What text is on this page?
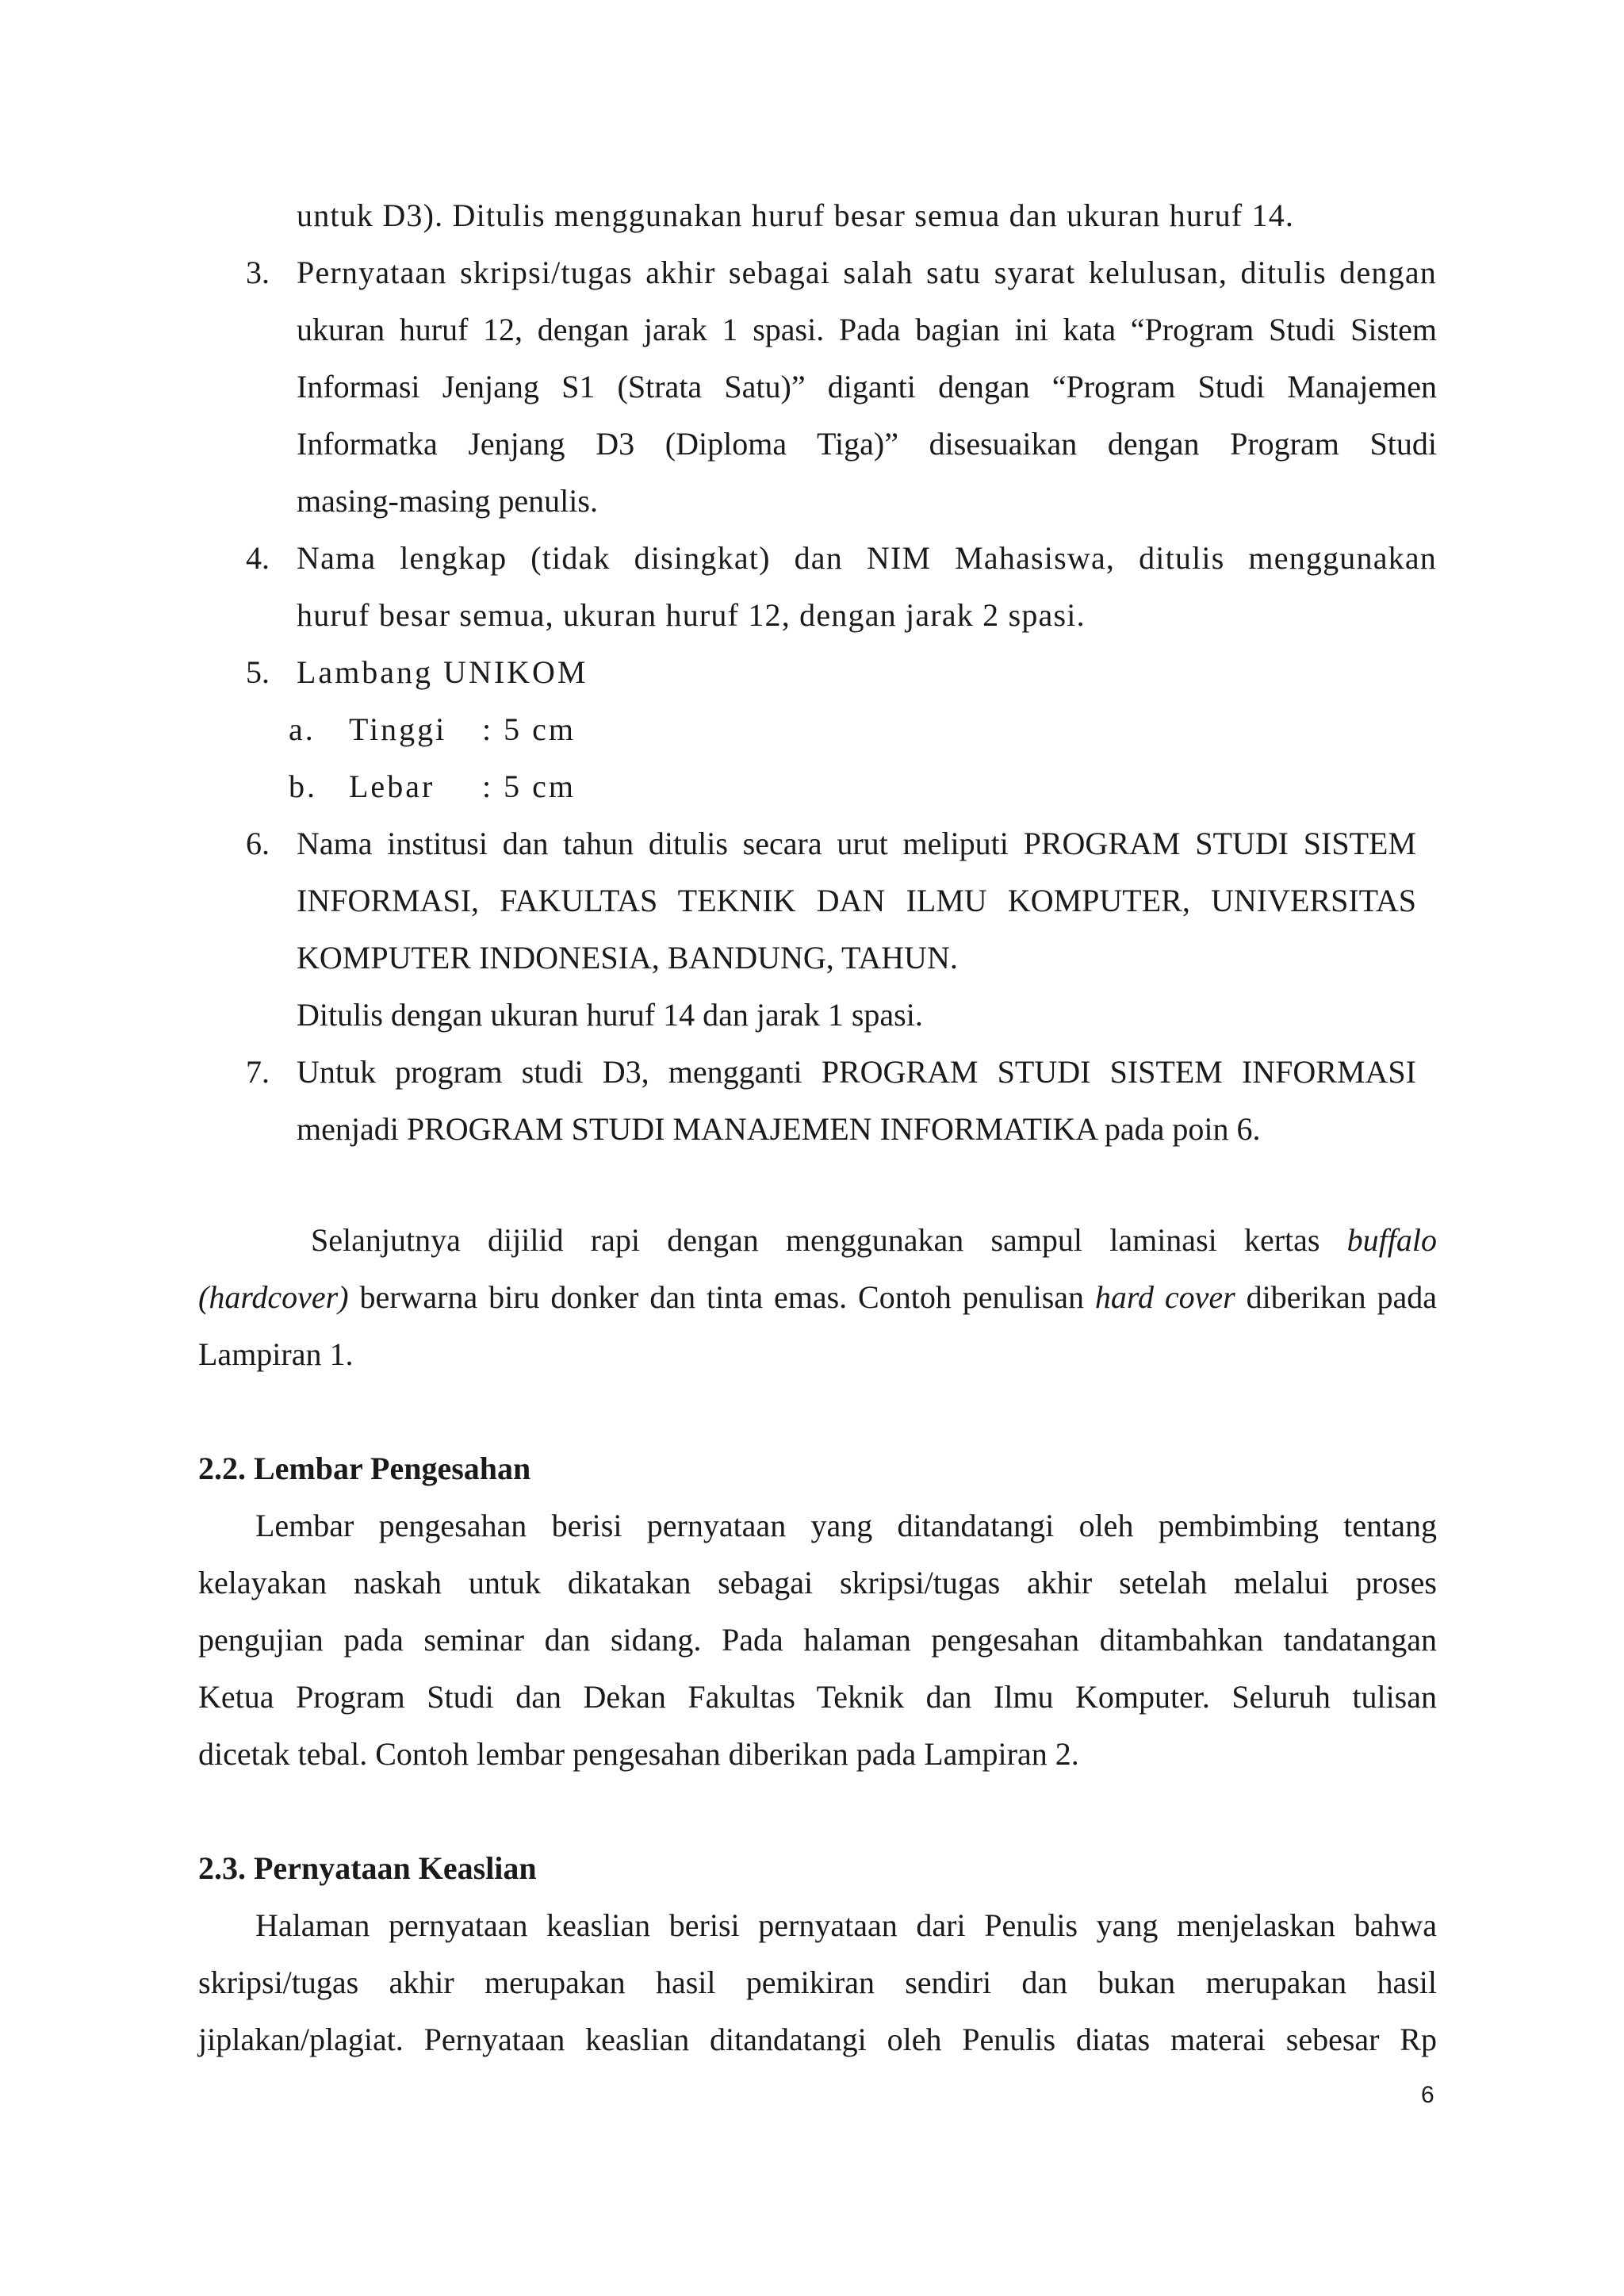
untuk D3). Ditulis menggunakan huruf besar semua dan ukuran huruf 14.
3. Pernyataan skripsi/tugas akhir sebagai salah satu syarat kelulusan, ditulis dengan
ukuran huruf 12, dengan jarak 1 spasi. Pada bagian ini kata “Program Studi Sistem
Informasi Jenjang S1 (Strata Satu)” diganti dengan “Program Studi Manajemen
Informatka Jenjang D3 (Diploma Tiga)” disesuaikan dengan Program Studi
masing-masing penulis.
4. Nama lengkap (tidak disingkat) dan NIM Mahasiswa, ditulis menggunakan
huruf besar semua, ukuran huruf 12, dengan jarak 2 spasi.
5. Lambang UNIKOM
a. Tinggi : 5 cm
b. Lebar : 5 cm
6. Nama institusi dan tahun ditulis secara urut meliputi PROGRAM STUDI SISTEM
INFORMASI, FAKULTAS TEKNIK DAN ILMU KOMPUTER, UNIVERSITAS
KOMPUTER INDONESIA, BANDUNG, TAHUN.
Ditulis dengan ukuran huruf 14 dan jarak 1 spasi.
7. Untuk program studi D3, mengganti PROGRAM STUDI SISTEM INFORMASI
menjadi PROGRAM STUDI MANAJEMEN INFORMATIKA pada poin 6.
Selanjutnya dijilid rapi dengan menggunakan sampul laminasi kertas buffalo
(hardcover) berwarna biru donker dan tinta emas. Contoh penulisan hard cover diberikan pada
Lampiran 1.
2.2. Lembar Pengesahan
Lembar pengesahan berisi pernyataan yang ditandatangi oleh pembimbing tentang
kelayakan naskah untuk dikatakan sebagai skripsi/tugas akhir setelah melalui proses
pengujian pada seminar dan sidang. Pada halaman pengesahan ditambahkan tandatangan
Ketua Program Studi dan Dekan Fakultas Teknik dan Ilmu Komputer. Seluruh tulisan
dicetak tebal. Contoh lembar pengesahan diberikan pada Lampiran 2.
2.3. Pernyataan Keaslian
Halaman pernyataan keaslian berisi pernyataan dari Penulis yang menjelaskan bahwa
skripsi/tugas akhir merupakan hasil pemikiran sendiri dan bukan merupakan hasil
jiplakan/plagiat. Pernyataan keaslian ditandatangi oleh Penulis diatas materai sebesar Rp
6
